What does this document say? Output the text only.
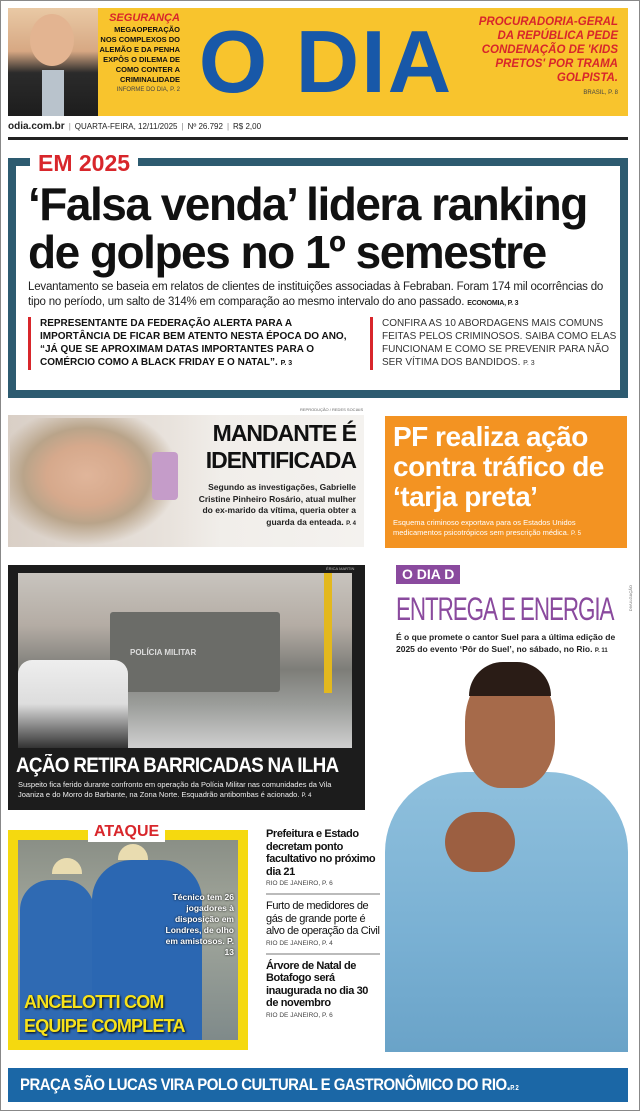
SEGURANÇA
MEGAOPERAÇÃO NOS COMPLEXOS DO ALEMÃO E DA PENHA EXPÔS O DILEMA DE COMO CONTER A CRIMINALIDADE
INFORME DO DIA, P. 2 O DIA	PROCURADORIA-GERAL DA REPÚBLICA PEDE CONDENAÇÃO DE 'KIDS PRETOS' POR TRAMA GOLPISTA.
BRASIL, P. 8
odia.com.br | QUARTA-FEIRA, 12/11/2025 | Nº 26.792 | R$ 2,00
EM 2025
‘Falsa venda’ lidera ranking de golpes no 1º semestre
Levantamento se baseia em relatos de clientes de instituições associadas à Febraban. Foram 174 mil ocorrências do tipo no período, um salto de 314% em comparação ao mesmo intervalo do ano passado. ECONOMIA, P. 3
REPRESENTANTE DA FEDERAÇÃO ALERTA PARA A IMPORTÂNCIA DE FICAR BEM ATENTO NESTA ÉPOCA DO ANO, “JÁ QUE SE APROXIMAM DATAS IMPORTANTES PARA O COMÉRCIO COMO A BLACK FRIDAY E O NATAL”. P. 3
CONFIRA AS 10 ABORDAGENS MAIS COMUNS FEITAS PELOS CRIMINOSOS. SAIBA COMO ELAS FUNCIONAM E COMO SE PREVENIR PARA NÃO SER VÍTIMA DOS BANDIDOS. P. 3
REPRODUÇÃO / REDES SOCIAIS
MANDANTE É IDENTIFICADA
Segundo as investigações, Gabrielle Cristine Pinheiro Rosário, atual mulher do ex-marido da vítima, queria obter a guarda da enteada. P. 4
PF realiza ação contra tráfico de ‘tarja preta’
Esquema criminoso exportava para os Estados Unidos medicamentos psicotrópicos sem prescrição médica. P. 5
POLÍCIA MILITAR
ÉRICA MARTIN
AÇÃO RETIRA BARRICADAS NA ILHA
Suspeito fica ferido durante confronto em operação da Polícia Militar nas comunidades da Vila Joaniza e do Morro do Barbante, na Zona Norte. Esquadrão antibombas é acionado. P. 4
O DIA D
ENTREGA E ENERGIA
É o que promete o cantor Suel para a última edição de 2025 do evento ‘Pôr do Suel’, no sábado, no Rio. P. 11
DIVULGAÇÃO
ATAQUE
Técnico tem 26 jogadores à disposição em Londres, de olho em amistosos. P. 13
ANCELOTTI COM EQUIPE COMPLETA
Prefeitura e Estado decretam ponto facultativo no próximo dia 21
RIO DE JANEIRO, P. 6
Furto de medidores de gás de grande porte é alvo de operação da Civil
RIO DE JANEIRO, P. 4
Árvore de Natal de Botafogo será inaugurada no dia 30 de novembro
RIO DE JANEIRO, P. 6
PRAÇA SÃO LUCAS VIRA POLO CULTURAL E GASTRONÔMICO DO RIO.P. 2
